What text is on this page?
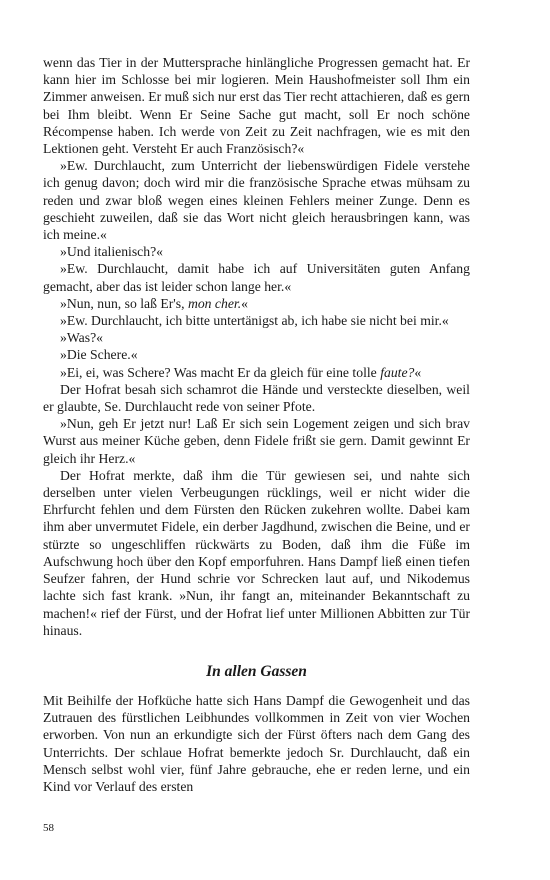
wenn das Tier in der Muttersprache hinlängliche Progressen gemacht hat. Er kann hier im Schlosse bei mir logieren. Mein Haushofmeister soll Ihm ein Zimmer anweisen. Er muß sich nur erst das Tier recht attachieren, daß es gern bei Ihm bleibt. Wenn Er Seine Sache gut macht, soll Er noch schöne Récompense haben. Ich werde von Zeit zu Zeit nachfragen, wie es mit den Lektionen geht. Versteht Er auch Französisch?«

»Ew. Durchlaucht, zum Unterricht der liebenswürdigen Fidele verstehe ich genug davon; doch wird mir die französische Sprache etwas mühsam zu reden und zwar bloß wegen eines kleinen Fehlers meiner Zunge. Denn es geschieht zuweilen, daß sie das Wort nicht gleich herausbringen kann, was ich meine.«

»Und italienisch?«

»Ew. Durchlaucht, damit habe ich auf Universitäten guten Anfang gemacht, aber das ist leider schon lange her.«

»Nun, nun, so laß Er's, mon cher.«

»Ew. Durchlaucht, ich bitte untertänigst ab, ich habe sie nicht bei mir.«

»Was?«

»Die Schere.«

»Ei, ei, was Schere? Was macht Er da gleich für eine tolle faute?«

Der Hofrat besah sich schamrot die Hände und versteckte dieselben, weil er glaubte, Se. Durchlaucht rede von seiner Pfote.

»Nun, geh Er jetzt nur! Laß Er sich sein Logement zeigen und sich brav Wurst aus meiner Küche geben, denn Fidele frißt sie gern. Damit gewinnt Er gleich ihr Herz.«

Der Hofrat merkte, daß ihm die Tür gewiesen sei, und nahte sich derselben unter vielen Verbeugungen rücklings, weil er nicht wider die Ehrfurcht fehlen und dem Fürsten den Rücken zukehren wollte. Dabei kam ihm aber unvermutet Fidele, ein derber Jagdhund, zwischen die Beine, und er stürzte so ungeschliffen rückwärts zu Boden, daß ihm die Füße im Aufschwung hoch über den Kopf emporfuhren. Hans Dampf ließ einen tiefen Seufzer fahren, der Hund schrie vor Schrecken laut auf, und Nikodemus lachte sich fast krank. »Nun, ihr fangt an, miteinander Bekanntschaft zu machen!« rief der Fürst, und der Hofrat lief unter Millionen Abbitten zur Tür hinaus.

In allen Gassen

Mit Beihilfe der Hofküche hatte sich Hans Dampf die Gewogenheit und das Zutrauen des fürstlichen Leibhundes vollkommen in Zeit von vier Wochen erworben. Von nun an erkundigte sich der Fürst öfters nach dem Gang des Unterrichts. Der schlaue Hofrat bemerkte jedoch Sr. Durchlaucht, daß ein Mensch selbst wohl vier, fünf Jahre gebrauche, ehe er reden lerne, und ein Kind vor Verlauf des ersten

58
